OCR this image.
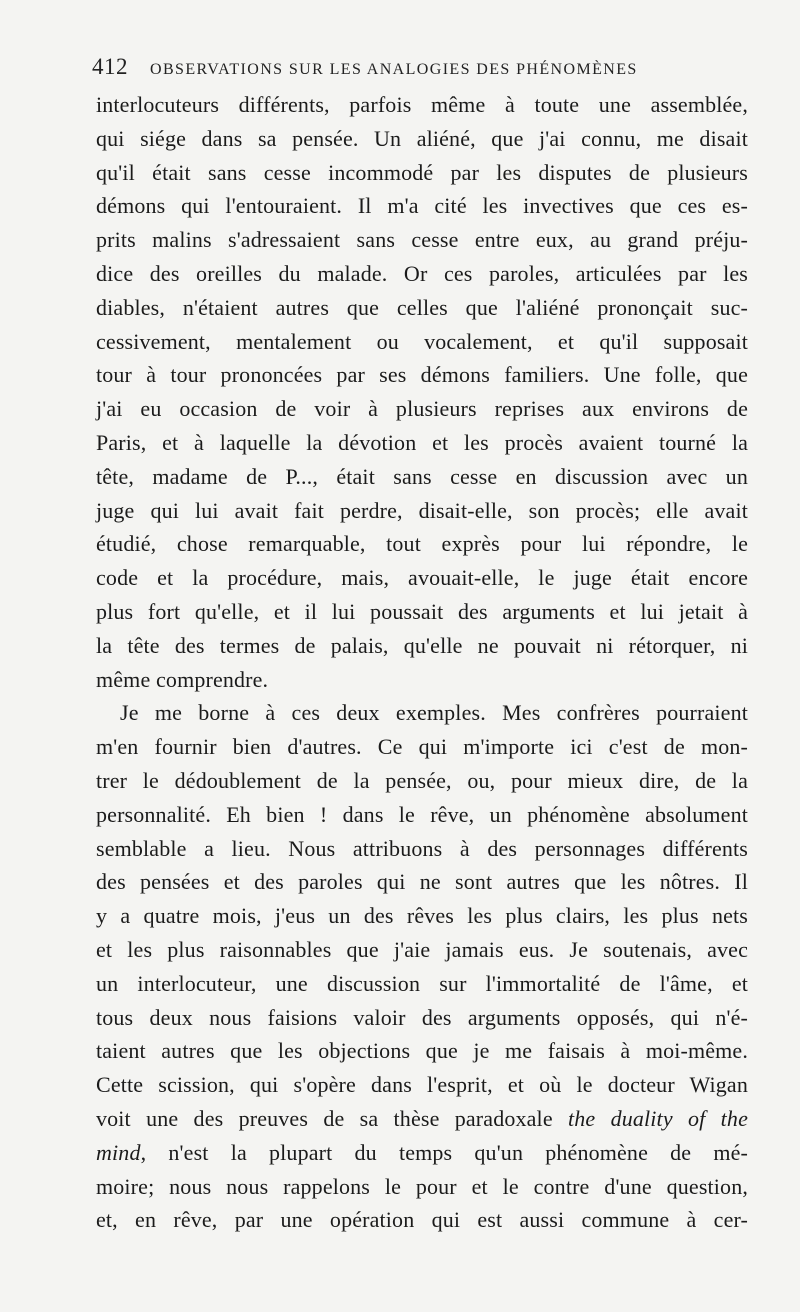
412 OBSERVATIONS SUR LES ANALOGIES DES PHÉNOMÈNES
interlocuteurs différents, parfois même à toute une assemblée,
qui siége dans sa pensée. Un aliéné, que j'ai connu, me disait
qu'il était sans cesse incommodé par les disputes de plusieurs
démons qui l'entouraient. Il m'a cité les invectives que ces es-
prits malins s'adressaient sans cesse entre eux, au grand préju-
dice des oreilles du malade. Or ces paroles, articulées par les
diables, n'étaient autres que celles que l'aliéné prononçait suc-
cessivement, mentalement ou vocalement, et qu'il supposait
tour à tour prononcées par ses démons familiers. Une folle, que
j'ai eu occasion de voir à plusieurs reprises aux environs de
Paris, et à laquelle la dévotion et les procès avaient tourné la
tête, madame de P..., était sans cesse en discussion avec un
juge qui lui avait fait perdre, disait-elle, son procès; elle avait
étudié, chose remarquable, tout exprès pour lui répondre, le
code et la procédure, mais, avouait-elle, le juge était encore
plus fort qu'elle, et il lui poussait des arguments et lui jetait à
la tête des termes de palais, qu'elle ne pouvait ni rétorquer, ni
même comprendre.
Je me borne à ces deux exemples. Mes confrères pourraient
m'en fournir bien d'autres. Ce qui m'importe ici c'est de mon-
trer le dédoublement de la pensée, ou, pour mieux dire, de la
personnalité. Eh bien ! dans le rêve, un phénomène absolument
semblable a lieu. Nous attribuons à des personnages différents
des pensées et des paroles qui ne sont autres que les nôtres. Il
y a quatre mois, j'eus un des rêves les plus clairs, les plus nets
et les plus raisonnables que j'aie jamais eus. Je soutenais, avec
un interlocuteur, une discussion sur l'immortalité de l'âme, et
tous deux nous faisions valoir des arguments opposés, qui n'é-
taient autres que les objections que je me faisais à moi-même.
Cette scission, qui s'opère dans l'esprit, et où le docteur Wigan
voit une des preuves de sa thèse paradoxale the duality of the
mind, n'est la plupart du temps qu'un phénomène de mé-
moire; nous nous rappelons le pour et le contre d'une question,
et, en rêve, par une opération qui est aussi commune à cer-
